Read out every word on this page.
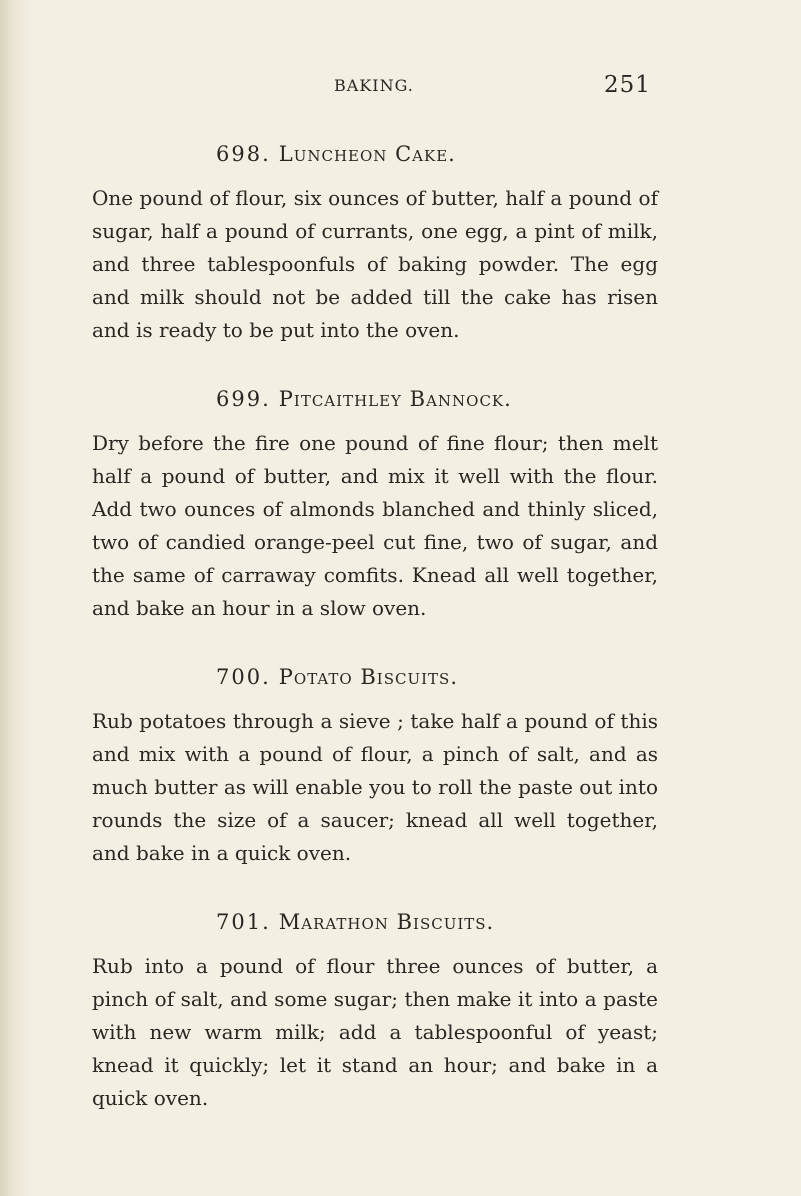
BAKING.	251
698. Luncheon Cake.

One pound of flour, six ounces of butter, half a pound of sugar, half a pound of currants, one egg, a pint of milk, and three tablespoonfuls of baking powder. The egg and milk should not be added till the cake has risen and is ready to be put into the oven.

699. Pitcaithley Bannock.

Dry before the fire one pound of fine flour; then melt half a pound of butter, and mix it well with the flour. Add two ounces of almonds blanched and thinly sliced, two of candied orange-peel cut fine, two of sugar, and the same of carraway comfits. Knead all well together, and bake an hour in a slow oven.

700. Potato Biscuits.

Rub potatoes through a sieve ; take half a pound of this and mix with a pound of flour, a pinch of salt, and as much butter as will enable you to roll the paste out into rounds the size of a saucer; knead all well together, and bake in a quick oven.

701. Marathon Biscuits.

Rub into a pound of flour three ounces of butter, a pinch of salt, and some sugar; then make it into a paste with new warm milk; add a tablespoonful of yeast; knead it quickly; let it stand an hour; and bake in a quick oven.
